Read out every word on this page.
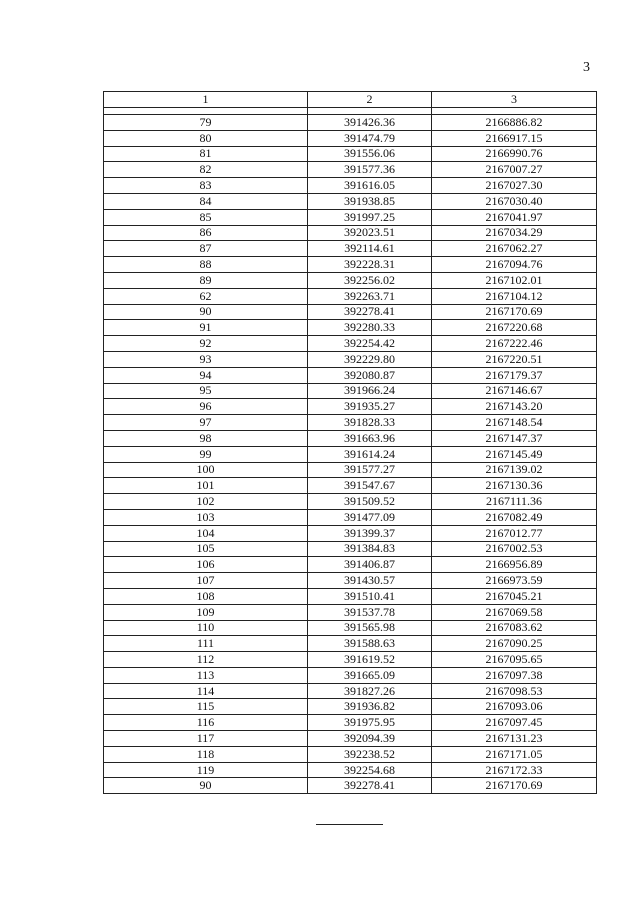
3
1	2	3

79	391426.36	2166886.82
80	391474.79	2166917.15
81	391556.06	2166990.76
82	391577.36	2167007.27
83	391616.05	2167027.30
84	391938.85	2167030.40
85	391997.25	2167041.97
86	392023.51	2167034.29
87	392114.61	2167062.27
88	392228.31	2167094.76
89	392256.02	2167102.01
62	392263.71	2167104.12
90	392278.41	2167170.69
91	392280.33	2167220.68
92	392254.42	2167222.46
93	392229.80	2167220.51
94	392080.87	2167179.37
95	391966.24	2167146.67
96	391935.27	2167143.20
97	391828.33	2167148.54
98	391663.96	2167147.37
99	391614.24	2167145.49
100	391577.27	2167139.02
101	391547.67	2167130.36
102	391509.52	2167111.36
103	391477.09	2167082.49
104	391399.37	2167012.77
105	391384.83	2167002.53
106	391406.87	2166956.89
107	391430.57	2166973.59
108	391510.41	2167045.21
109	391537.78	2167069.58
110	391565.98	2167083.62
111	391588.63	2167090.25
112	391619.52	2167095.65
113	391665.09	2167097.38
114	391827.26	2167098.53
115	391936.82	2167093.06
116	391975.95	2167097.45
117	392094.39	2167131.23
118	392238.52	2167171.05
119	392254.68	2167172.33
90	392278.41	2167170.69
